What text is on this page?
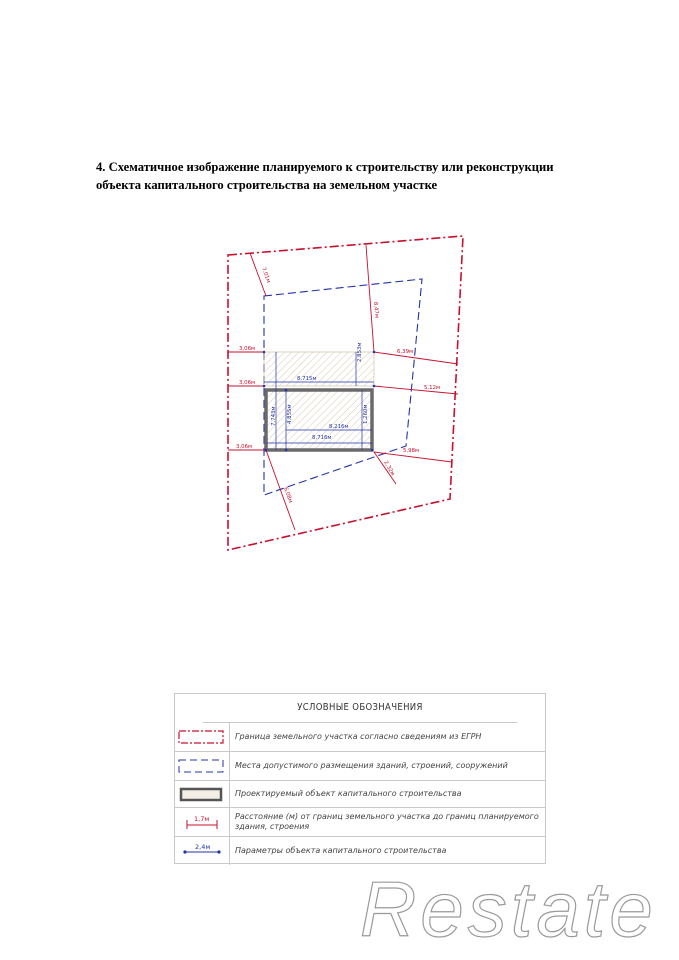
4. Схематичное изображение планируемого к строительству или реконструкции
объекта капитального строительства на земельном участке
7,01м
8,47м
3,06м	6,39м
3,06м
5,12м
3,06м
5,98м
2,32м
6,08м
8,715м
2,853м
7,743м 4,855м
8,216м
1,260м
8,716м
УСЛОВНЫЕ ОБОЗНАЧЕНИЯ
Граница земельного участка согласно сведениям из ЕГРН
Места допустимого размещения зданий, строений, сооружений
Проектируемый объект капитального строительства
1,7м	Расстояние (м) от границ земельного участка до границ планируемого здания, строения
2,4м	Параметры объекта капитального строительства
Restate
